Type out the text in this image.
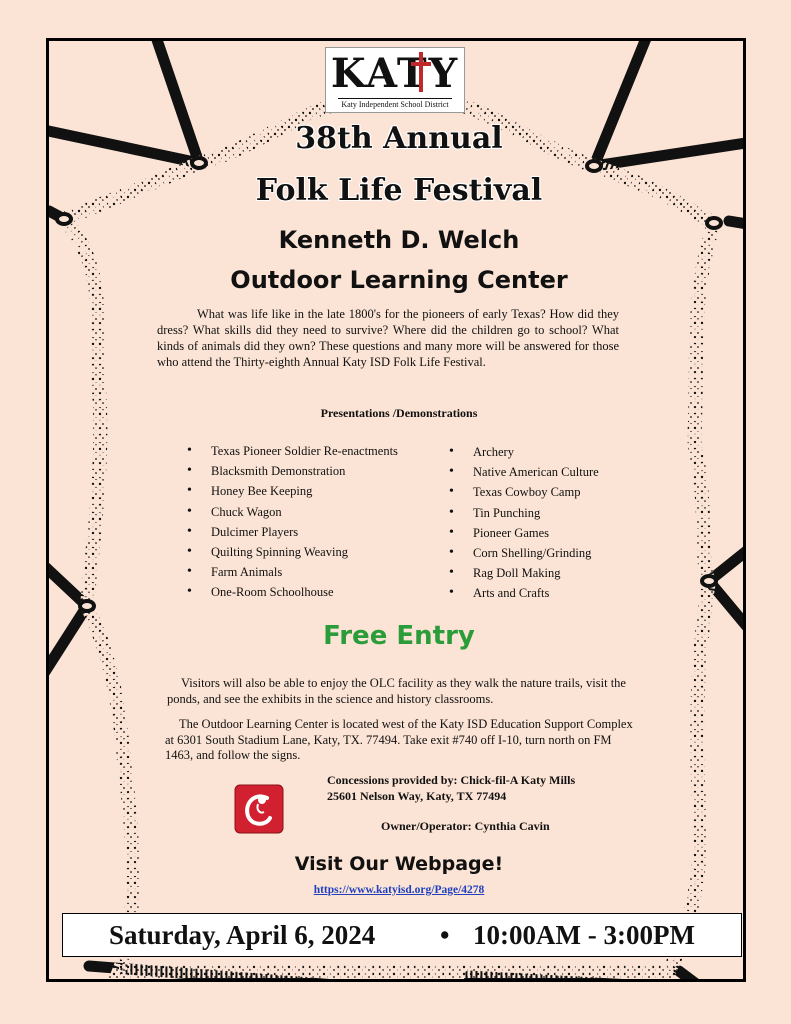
KATY
Katy Independent School District
38th Annual
Folk Life Festival
Kenneth D. Welch
Outdoor Learning Center
What was life like in the late 1800's for the pioneers of early Texas? How did they dress? What skills did they need to survive? Where did the children go to school? What kinds of animals did they own? These questions and many more will be answered for those who attend the Thirty-eighth Annual Katy ISD Folk Life Festival.
Presentations /Demonstrations
• Texas Pioneer Soldier Re-enactments
• Blacksmith Demonstration
• Honey Bee Keeping
• Chuck Wagon
• Dulcimer Players
• Quilting Spinning Weaving
• Farm Animals
• One-Room Schoolhouse
• Archery
• Native American Culture
• Texas Cowboy Camp
• Tin Punching
• Pioneer Games
• Corn Shelling/Grinding
• Rag Doll Making
• Arts and Crafts
Free Entry
Visitors will also be able to enjoy the OLC facility as they walk the nature trails, visit the ponds, and see the exhibits in the science and history classrooms.
The Outdoor Learning Center is located west of the Katy ISD Education Support Complex at 6301 South Stadium Lane, Katy, TX. 77494. Take exit #740 off I-10, turn north on FM 1463, and follow the signs.
Concessions provided by: Chick-fil-A Katy Mills
25601 Nelson Way, Katy, TX 77494
Owner/Operator: Cynthia Cavin
Visit Our Webpage!
https://www.katyisd.org/Page/4278
Saturday, April 6, 2024 • 10:00AM - 3:00PM
